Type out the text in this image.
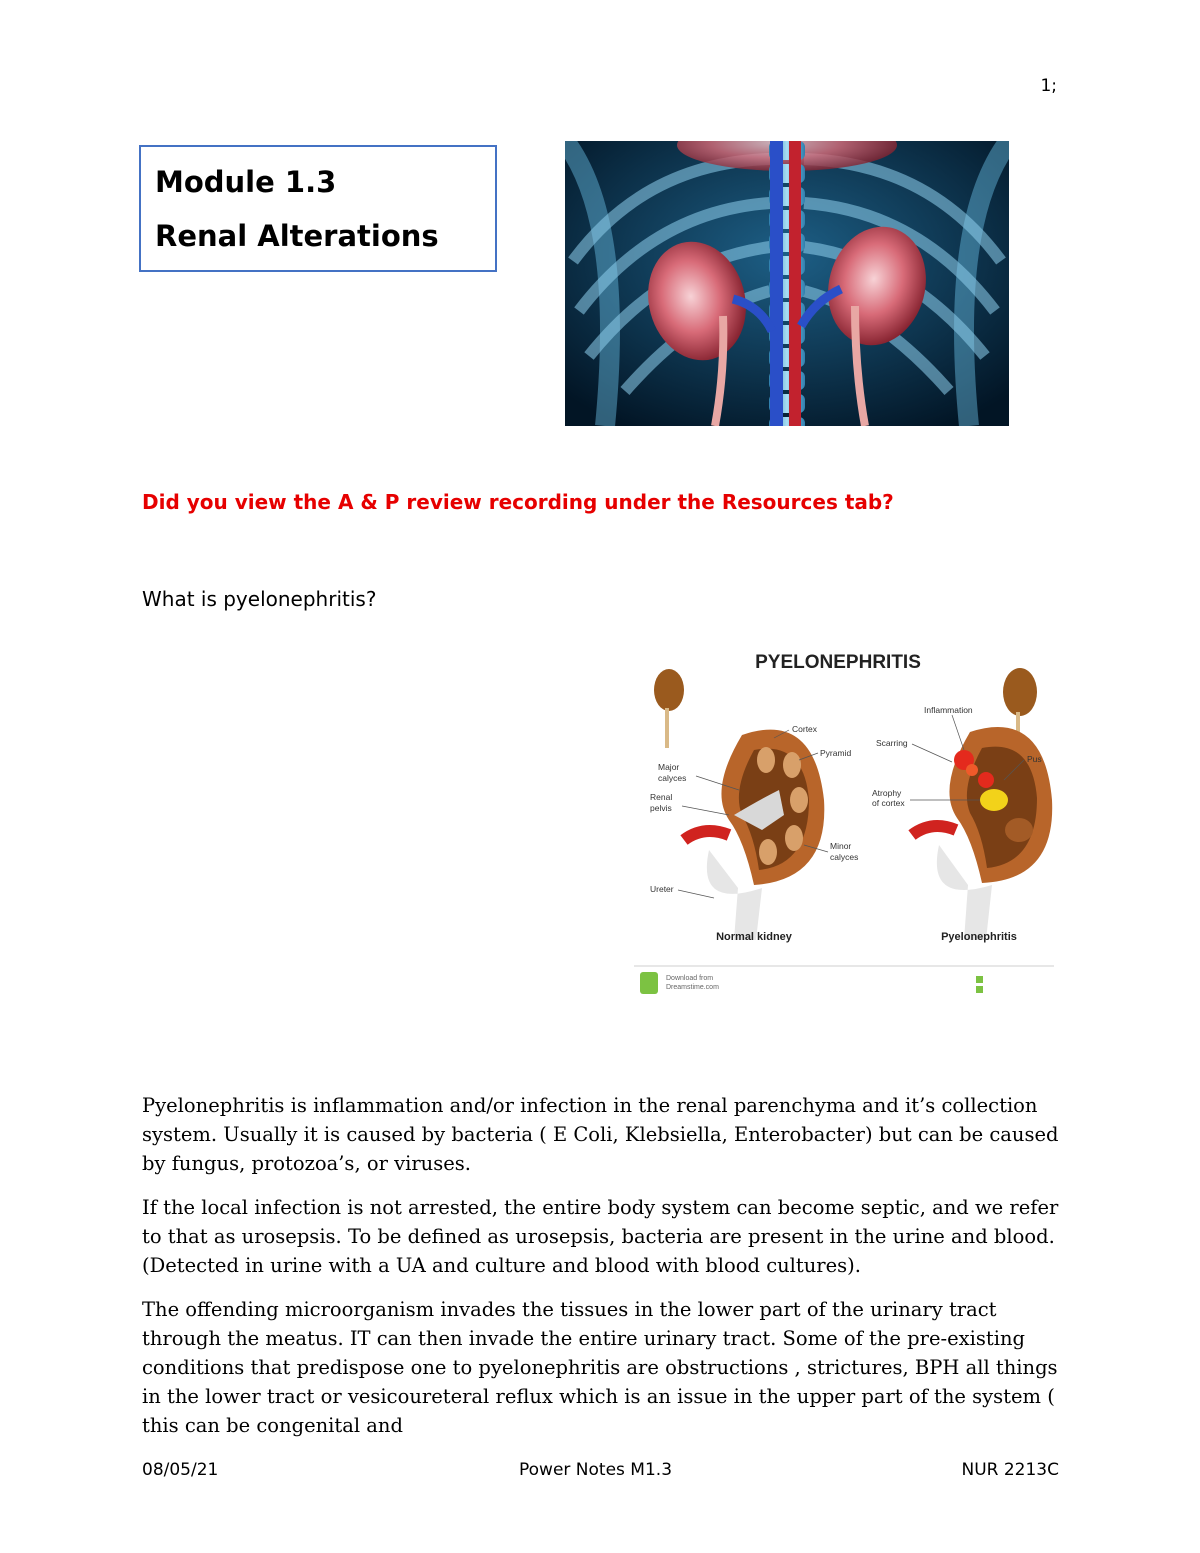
1;
Module 1.3
Renal Alterations
Did you view the A & P review recording under the Resources tab?
What is pyelonephritis?
PYELONEPHRITIS
Cortex
Pyramid
Major
calyces
Renal
pelvis
Minor
calyces
Ureter
Inflammation
Scarring
Pus
Atrophy
of cortex
Normal kidney	Pyelonephritis
Download from
Dreamstime.com

Pyelonephritis is inflammation and/or infection in the renal parenchyma and it’s collection system. Usually it is caused by bacteria ( E Coli, Klebsiella, Enterobacter) but can be caused by fungus, protozoa’s, or viruses.

If the local infection is not arrested, the entire body system can become septic, and we refer to that as urosepsis. To be defined as urosepsis, bacteria are present in the urine and blood. (Detected in urine with a UA and culture and blood with blood cultures).

The offending microorganism invades the tissues in the lower part of the urinary tract through the meatus. IT can then invade the entire urinary tract. Some of the pre-existing conditions that predispose one to pyelonephritis are obstructions , strictures, BPH all things in the lower tract or vesicoureteral reflux which is an issue in the upper part of the system ( this can be congenital and

08/05/21	Power Notes M1.3	NUR 2213C
